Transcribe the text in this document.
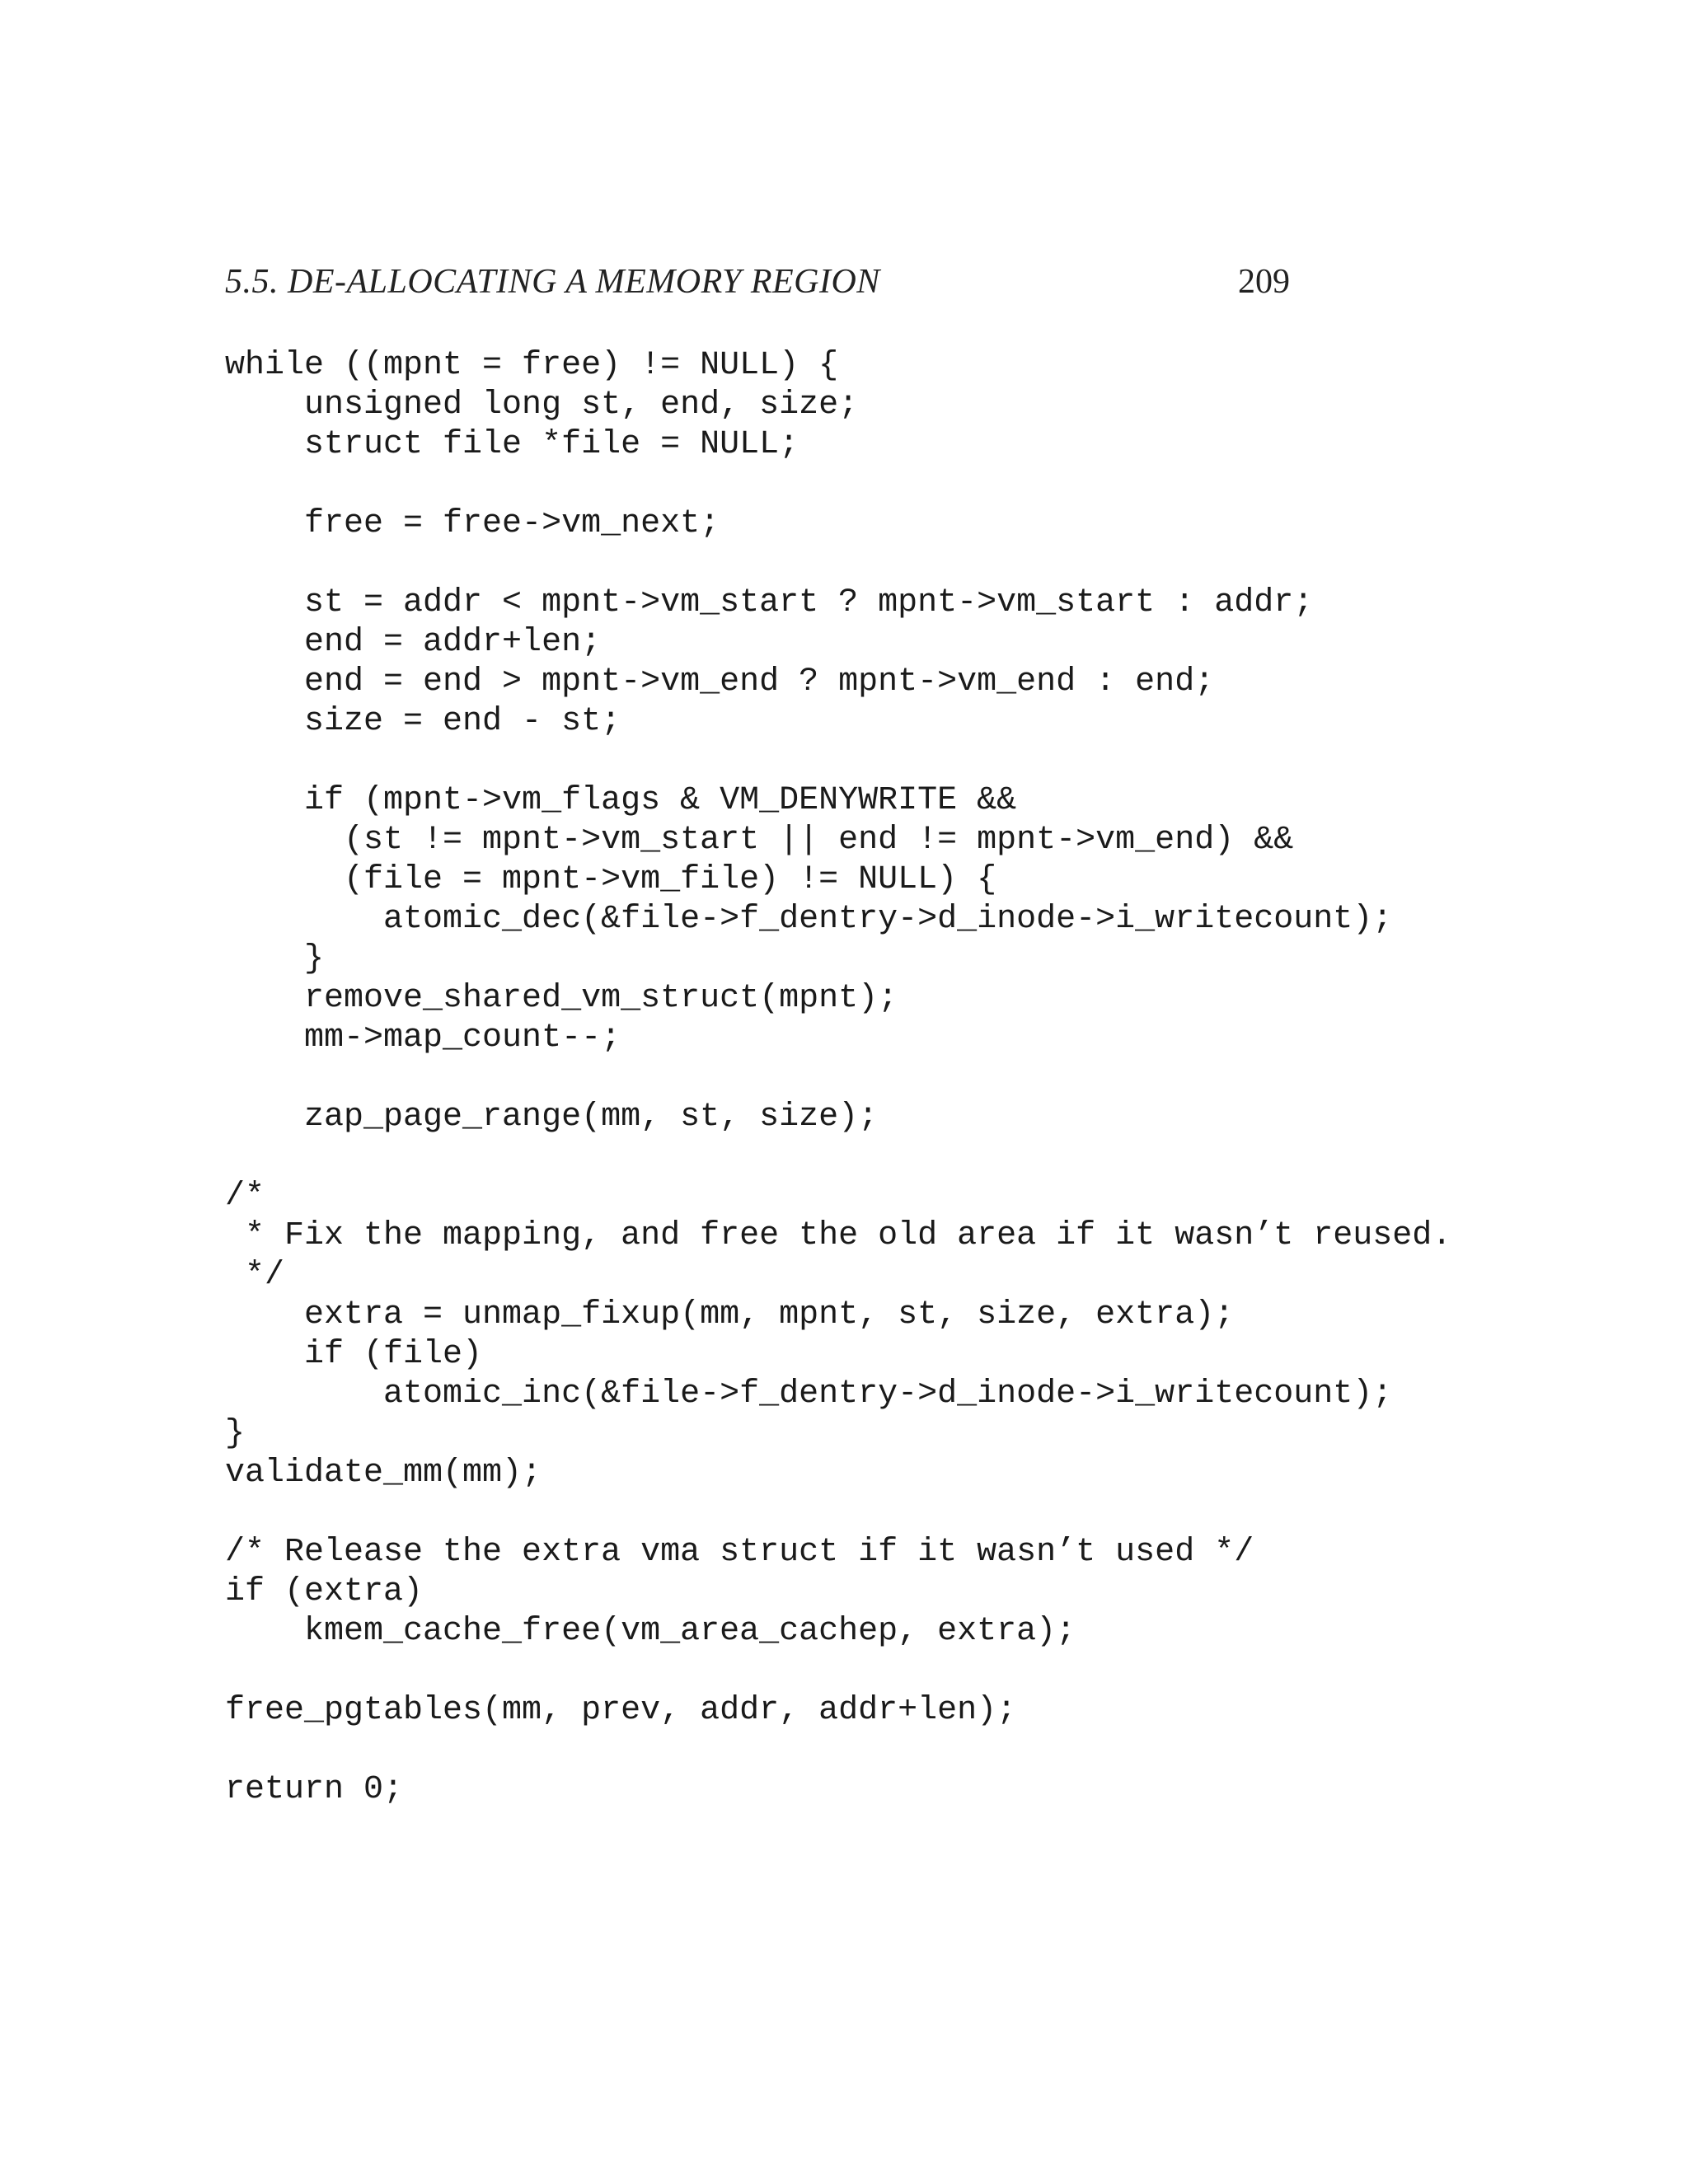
5.5. DE-ALLOCATING A MEMORY REGION	209
while ((mpnt = free) != NULL) {
unsigned long st, end, size;
struct file *file = NULL;
free = free->vm_next;
st = addr < mpnt->vm_start ? mpnt->vm_start : addr;
end = addr+len;
end = end > mpnt->vm_end ? mpnt->vm_end : end;
size = end - st;
if (mpnt->vm_flags & VM_DENYWRITE &&
(st != mpnt->vm_start || end != mpnt->vm_end) &&
(file = mpnt->vm_file) != NULL) {
atomic_dec(&file->f_dentry->d_inode->i_writecount);
}
remove_shared_vm_struct(mpnt);
mm->map_count--;
zap_page_range(mm, st, size);
/*
* Fix the mapping, and free the old area if it wasn’t reused.
*/
extra = unmap_fixup(mm, mpnt, st, size, extra);
if (file)
atomic_inc(&file->f_dentry->d_inode->i_writecount);
}
validate_mm(mm);
/* Release the extra vma struct if it wasn’t used */
if (extra)
kmem_cache_free(vm_area_cachep, extra);
free_pgtables(mm, prev, addr, addr+len);
return 0;
